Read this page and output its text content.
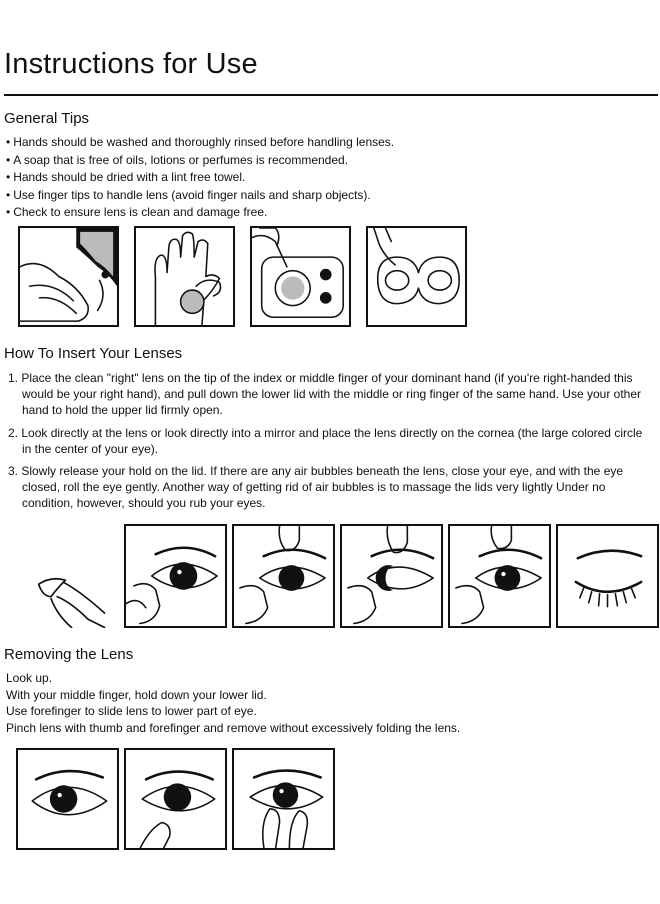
Instructions for Use
General Tips
• Hands should be washed and thoroughly rinsed before handling lenses.
• A soap that is free of oils, lotions or perfumes is recommended.
• Hands should be dried with a lint free towel.
• Use finger tips to handle lens (avoid finger nails and sharp objects).
• Check to ensure lens is clean and damage free.
How To Insert Your Lenses
1. Place the clean "right" lens on the tip of the index or middle finger of your dominant hand (if you're right-handed this would be your right hand), and pull down the lower lid with the middle or ring finger of the same hand. Use your other hand to hold the upper lid firmly open.
2. Look directly at the lens or look directly into a mirror and place the lens directly on the cornea (the large colored circle in the center of your eye).
3. Slowly release your hold on the lid. If there are any air bubbles beneath the lens, close your eye, and with the eye closed, roll the eye gently. Another way of getting rid of air bubbles is to massage the lids very lightly Under no condition, however, should you rub your eyes.
Removing the Lens
Look up.
With your middle finger, hold down your lower lid.
Use forefinger to slide lens to lower part of eye.
Pinch lens with thumb and forefinger and remove without excessively folding the lens.
